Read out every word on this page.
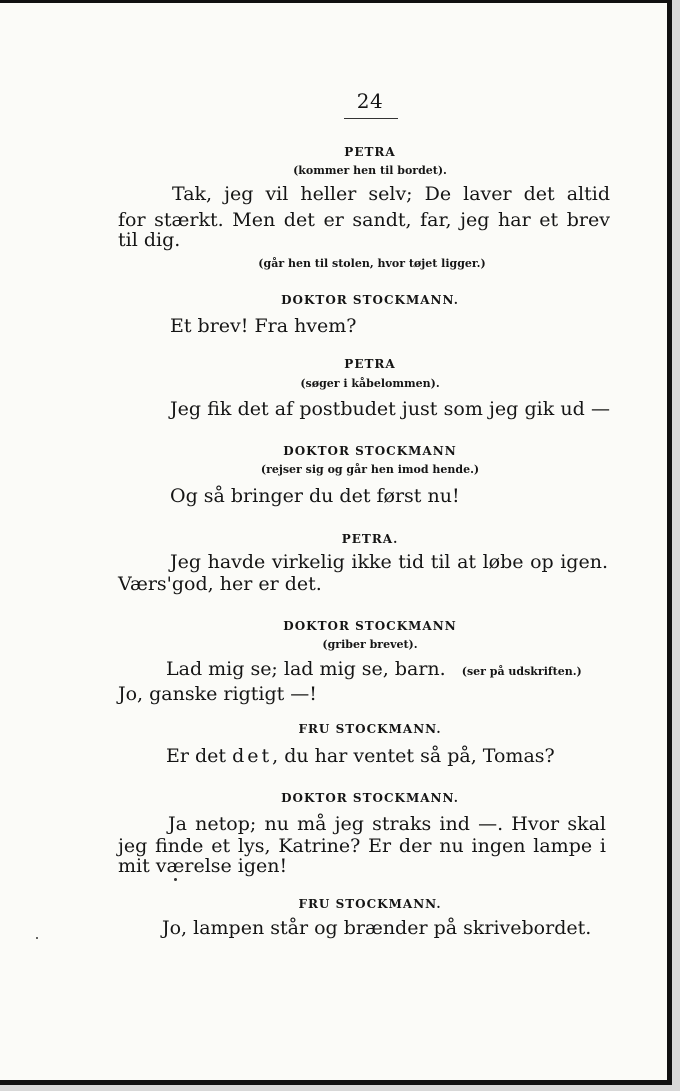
24
PETRA
(kommer hen til bordet).
Tak, jeg vil heller selv; De laver det altid
for stærkt. Men det er sandt, far, jeg har et brev
til dig.
(går hen til stolen, hvor tøjet ligger.)
DOKTOR STOCKMANN.
Et brev! Fra hvem?
PETRA
(søger i kåbelommen).
Jeg fik det af postbudet just som jeg gik ud —
DOKTOR STOCKMANN
(rejser sig og går hen imod hende.)
Og så bringer du det først nu!
PETRA.
Jeg havde virkelig ikke tid til at løbe op igen.
Værs'god, her er det.
DOKTOR STOCKMANN
(griber brevet).
Lad mig se; lad mig se, barn. (ser på udskriften.)
Jo, ganske rigtigt —!
FRU STOCKMANN.
Er det det, du har ventet så på, Tomas?
DOKTOR STOCKMANN.
Ja netop; nu må jeg straks ind —. Hvor skal
jeg finde et lys, Katrine? Er der nu ingen lampe i
mit værelse igen!
FRU STOCKMANN.
Jo, lampen står og brænder på skrivebordet.
